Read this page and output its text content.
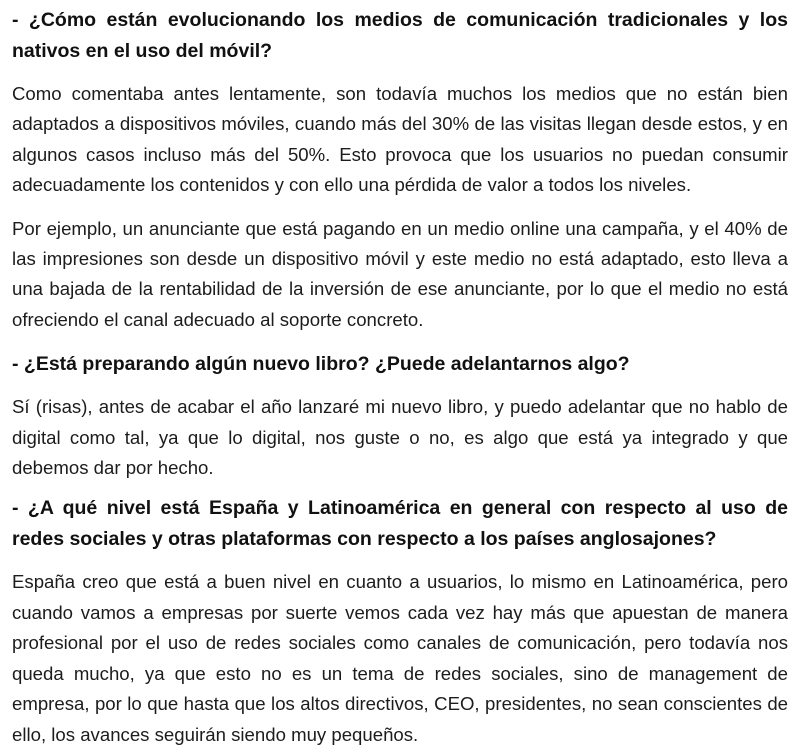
- ¿Cómo están evolucionando los medios de comunicación tradicionales y los nativos en el uso del móvil?

Como comentaba antes lentamente, son todavía muchos los medios que no están bien adaptados a dispositivos móviles, cuando más del 30% de las visitas llegan desde estos, y en algunos casos incluso más del 50%. Esto provoca que los usuarios no puedan consumir adecuadamente los contenidos y con ello una pérdida de valor a todos los niveles.

Por ejemplo, un anunciante que está pagando en un medio online una campaña, y el 40% de las impresiones son desde un dispositivo móvil y este medio no está adaptado, esto lleva a una bajada de la rentabilidad de la inversión de ese anunciante, por lo que el medio no está ofreciendo el canal adecuado al soporte concreto.

- ¿Está preparando algún nuevo libro? ¿Puede adelantarnos algo?

Sí (risas), antes de acabar el año lanzaré mi nuevo libro, y puedo adelantar que no hablo de digital como tal, ya que lo digital, nos guste o no, es algo que está ya integrado y que debemos dar por hecho.

- ¿A qué nivel está España y Latinoamérica en general con respecto al uso de redes sociales y otras plataformas con respecto a los países anglosajones?

España creo que está a buen nivel en cuanto a usuarios, lo mismo en Latinoamérica, pero cuando vamos a empresas por suerte vemos cada vez hay más que apuestan de manera profesional por el uso de redes sociales como canales de comunicación, pero todavía nos queda mucho, ya que esto no es un tema de redes sociales, sino de management de empresa, por lo que hasta que los altos directivos, CEO, presidentes, no sean conscientes de ello, los avances seguirán siendo muy pequeños.
